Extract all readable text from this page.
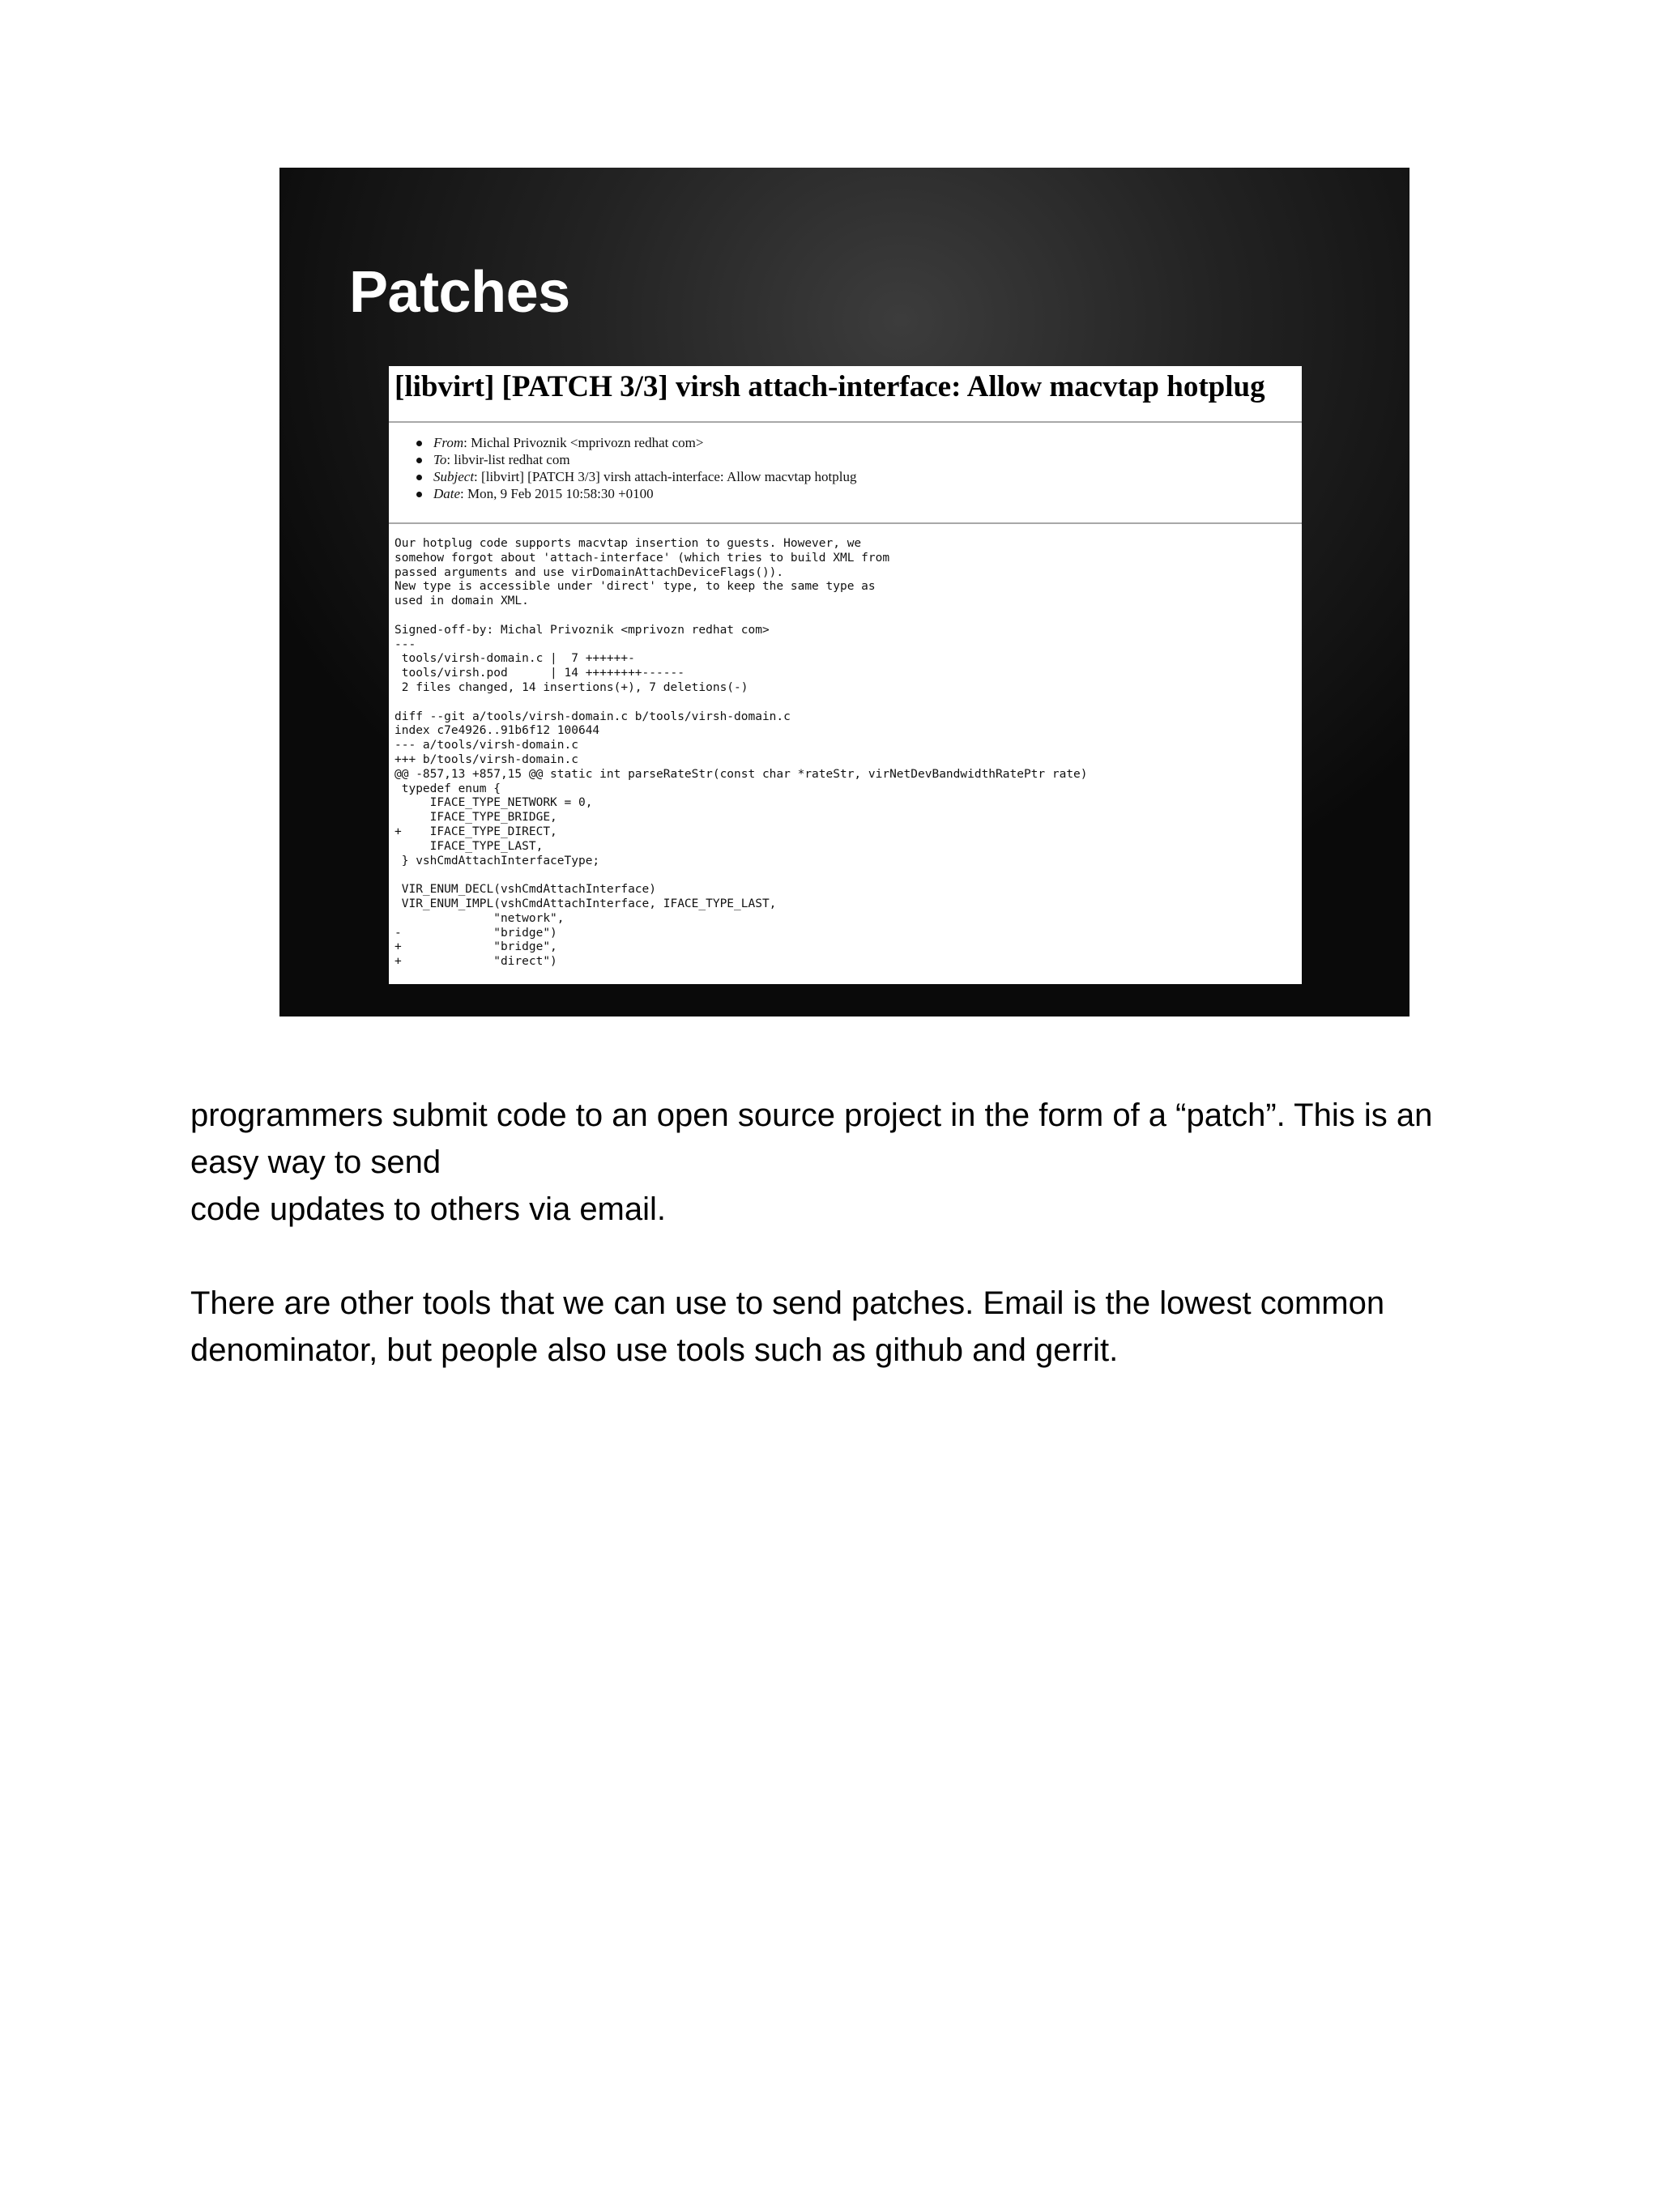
Patches
[libvirt] [PATCH 3/3] virsh attach-interface: Allow macvtap hotplug
From: Michal Privoznik <mprivozn redhat com>
To: libvir-list redhat com
Subject: [libvirt] [PATCH 3/3] virsh attach-interface: Allow macvtap hotplug
Date: Mon, 9 Feb 2015 10:58:30 +0100
Our hotplug code supports macvtap insertion to guests. However, we
somehow forgot about 'attach-interface' (which tries to build XML from
passed arguments and use virDomainAttachDeviceFlags()).
New type is accessible under 'direct' type, to keep the same type as
used in domain XML.

Signed-off-by: Michal Privoznik <mprivozn redhat com>
---
tools/virsh-domain.c |  7 ++++++-
tools/virsh.pod      | 14 ++++++++------
2 files changed, 14 insertions(+), 7 deletions(-)

diff --git a/tools/virsh-domain.c b/tools/virsh-domain.c
index c7e4926..91b6f12 100644
--- a/tools/virsh-domain.c
+++ b/tools/virsh-domain.c
@@ -857,13 +857,15 @@ static int parseRateStr(const char *rateStr, virNetDevBandwidthRatePtr rate)
typedef enum {
IFACE_TYPE_NETWORK = 0,
IFACE_TYPE_BRIDGE,
+    IFACE_TYPE_DIRECT,
IFACE_TYPE_LAST,
} vshCmdAttachInterfaceType;

VIR_ENUM_DECL(vshCmdAttachInterface)
VIR_ENUM_IMPL(vshCmdAttachInterface, IFACE_TYPE_LAST,
"network",
-             "bridge")
+             "bridge",
+             "direct")

programmers submit code to an open source project in the form of a “patch”. This is an easy way to send
code updates to others via email.

There are other tools that we can use to send patches. Email is the lowest common denominator, but people also use tools such as github and gerrit.
